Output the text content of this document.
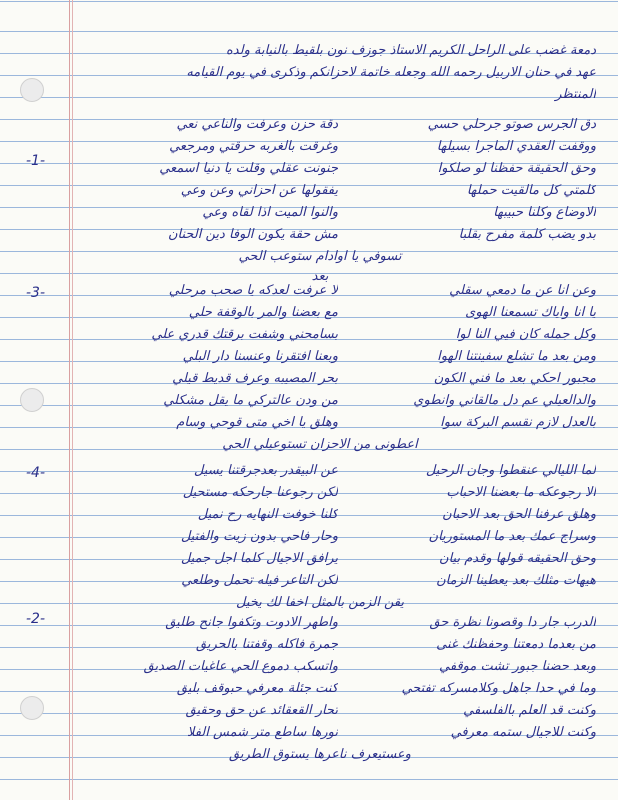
دمعة غضب على الراحل الكريم الاستاذ جوزف نون بلقيط بالنيابة ولده
عهد في حنان الاربيل رحمه الله وجعله خاتمة لاحزانكم وذكرى في يوم القيامه
المنتظر
-1-
دق الجرس صوتو جرحلي حسي
دقة حزن وعرفت والناعي نعي
ووقفت العقدي الماجرا بسيلها
وغرقت بالغربه حرقتي ومرجعي
وحق الحقيقة حفظنا لو صلكوا
جنونت عقلي وقلت يا دنيا اسمعي
كلمتي كل مالقيت حملها
يفقولها عن احزاني وعن وعي
الاوضاع وكلنا حبيبها
والنوا الميت اذا لقاه وعي
بدو يضب كلمة مفرح بقلبا
مش حقة يكون الوفا دين الحنان
تسوفي يا اوادام ستوعب الحي
بعد
-3-	وعن انا عن ما دمعي سقلي
لا عرفت لعدكه يا صحب مرحلي
يا انا واياك تسمعنا الهوى
مع بعضنا والمر بالوقفة حلي
وكل جمله كان فيي النا لوا
بسامحني وشفت برقتك قدري علي
ومن بعد ما تشلع سفينتنا الهوا
وبعنا افتقرنا وعنسنا دار البلي
مجبور احكي بعد ما فني الكون
بحر المصيبه وعرف قديط قيلي
والدالعيلي عم دل مالقاني وانطوي
من ودن عالتركي ما يقل مشكلي
بالعدل لازم نقسم البركة سوا
وهلق يا اخي متى قوحي وسام
اعطونى من الاحزان تستوعيلي الحي
-4-	لما الليالي عنقطوا وجان الرحيل
عن البيقدر بعدجرقتنا يسيل
الا رجوعكه ما بعضنا الاحباب
لكن رجوعنا جارحكه مستحيل
وهلق عرفنا الحق بعد الاحبان
كلنا خوفت النهايه رح نميل
وسراج عمك بعد ما المستوريان
وحار فاحي بدون زيت والفتيل
وحق الحقيقه قولها وقدم بيان
يرافق الاجيال كلما اجل جميل
هيهات مثلك بعد يعطينا الزمان
لكن التاعر فيله تحمل وطلعي
يقن الزمن بالمثل اخفا لك يخيل
-2-	الدرب جار دا وقصونا نظرة حق
واطهر الادوت وتكفوا جانح طليق
من بعدما دمعتنا وحفظنك غنى
جمرة فاكله وقفتنا بالحريق
وبعد حضنا جبور تشت موقفي
واتسكب دموع الحي عاغيات الصديق
وما في حدا جاهل وكلامسركه تفتحي
كنت جئلة معرفي حبوقف بليق
وكنت قد العلم بالفلسفي
تحار القعقائد عن حق وحقيق
وكنت للاجيال ستمه معرفي
نورها ساطع متر شمس الفلا
وعستيعرف ناعرها يستوق الطريق
